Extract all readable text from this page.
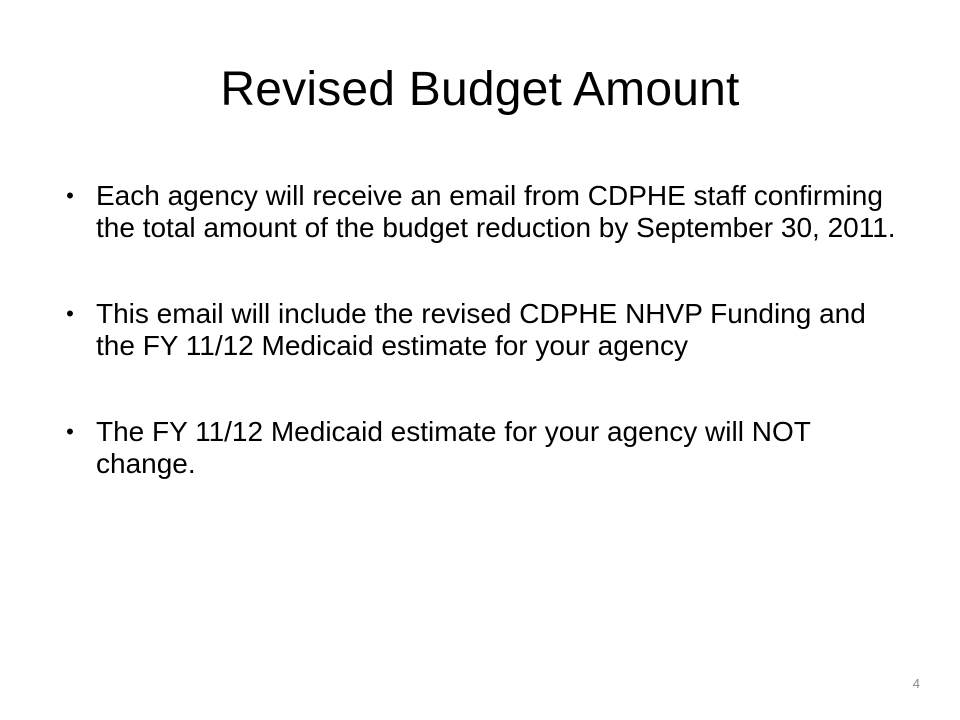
Revised Budget Amount
• Each agency will receive an email from CDPHE staff confirming the total amount of the budget reduction by September 30, 2011.
• This email will include the revised CDPHE NHVP Funding and the FY 11/12 Medicaid estimate for your agency
• The FY 11/12 Medicaid estimate for your agency will NOT change.
4
